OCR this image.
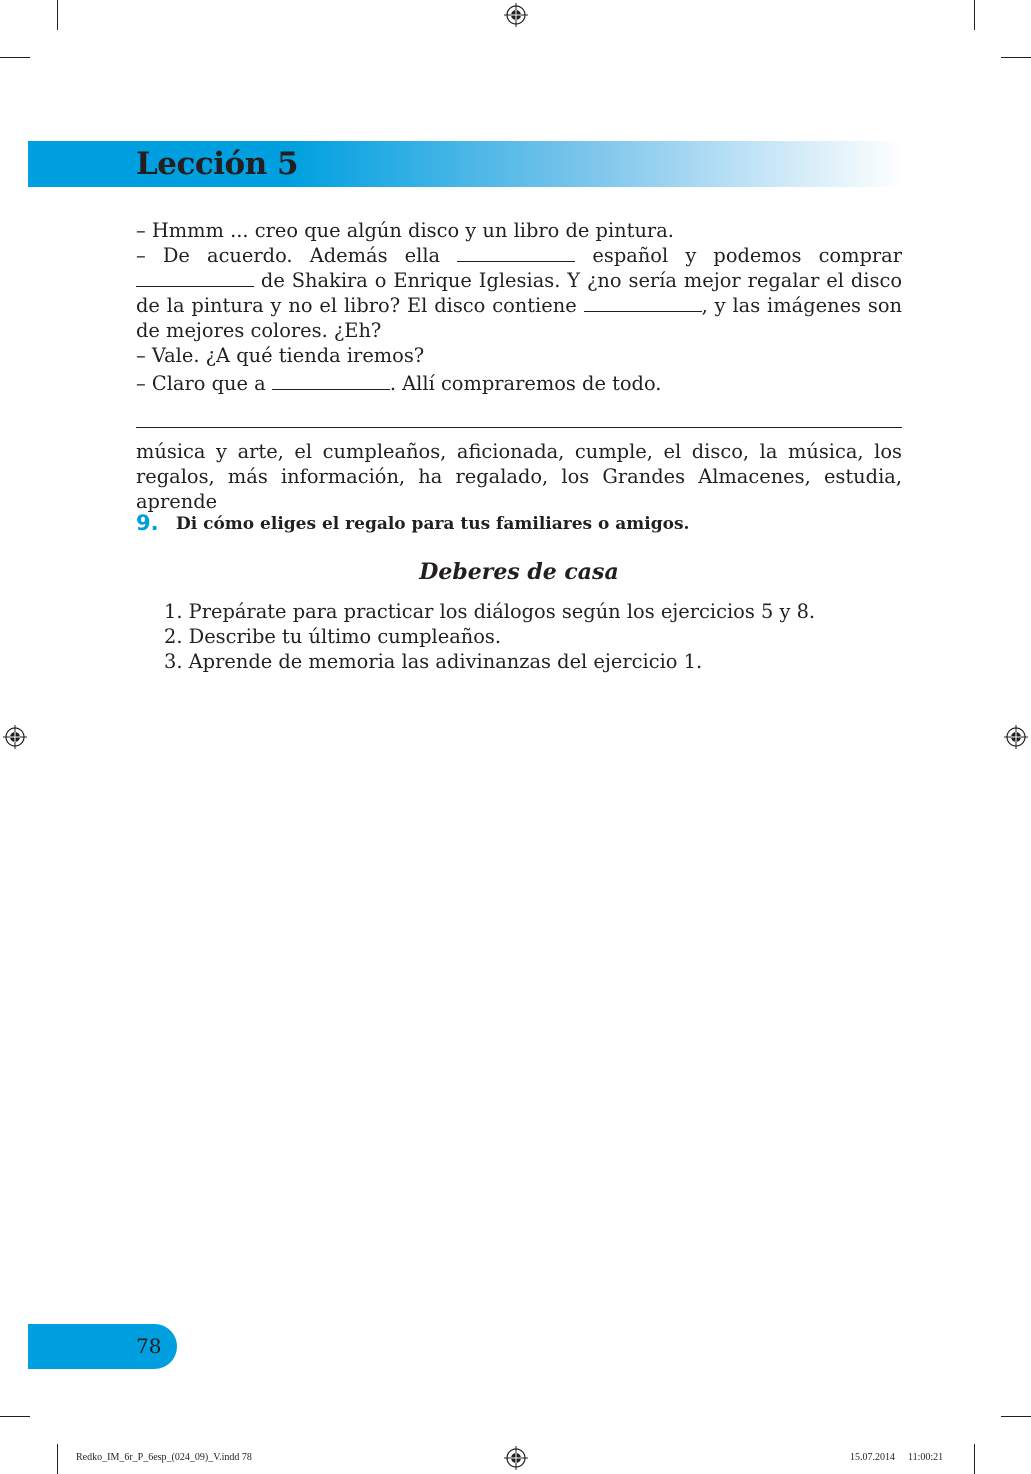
Lección 5
– Hmmm ... creo que algún disco y un libro de pintura.
– De acuerdo. Además ella	español y podemos comprar  de Shakira o Enrique Iglesias. Y ¿no sería mejor regalar el disco de la pintura y no el libro? El disco contiene	, y las imágenes son de mejores colores. ¿Eh?
– Vale. ¿A qué tienda iremos?
– Claro que a	. Allí compraremos de todo.
música y arte, el cumpleaños, aficionada, cumple, el disco, la música, los regalos, más información, ha regalado, los Grandes Almacenes, estudia, aprende
9. Di cómo eliges el regalo para tus familiares o amigos.
Deberes de casa
1. Prepárate para practicar los diálogos según los ejercicios 5 y 8.
2. Describe tu último cumpleaños.
3. Aprende de memoria las adivinanzas del ejercicio 1.
78
Redko_IM_6r_P_6esp_(024_09)_V.indd 78	15.07.2014 11:00:21
